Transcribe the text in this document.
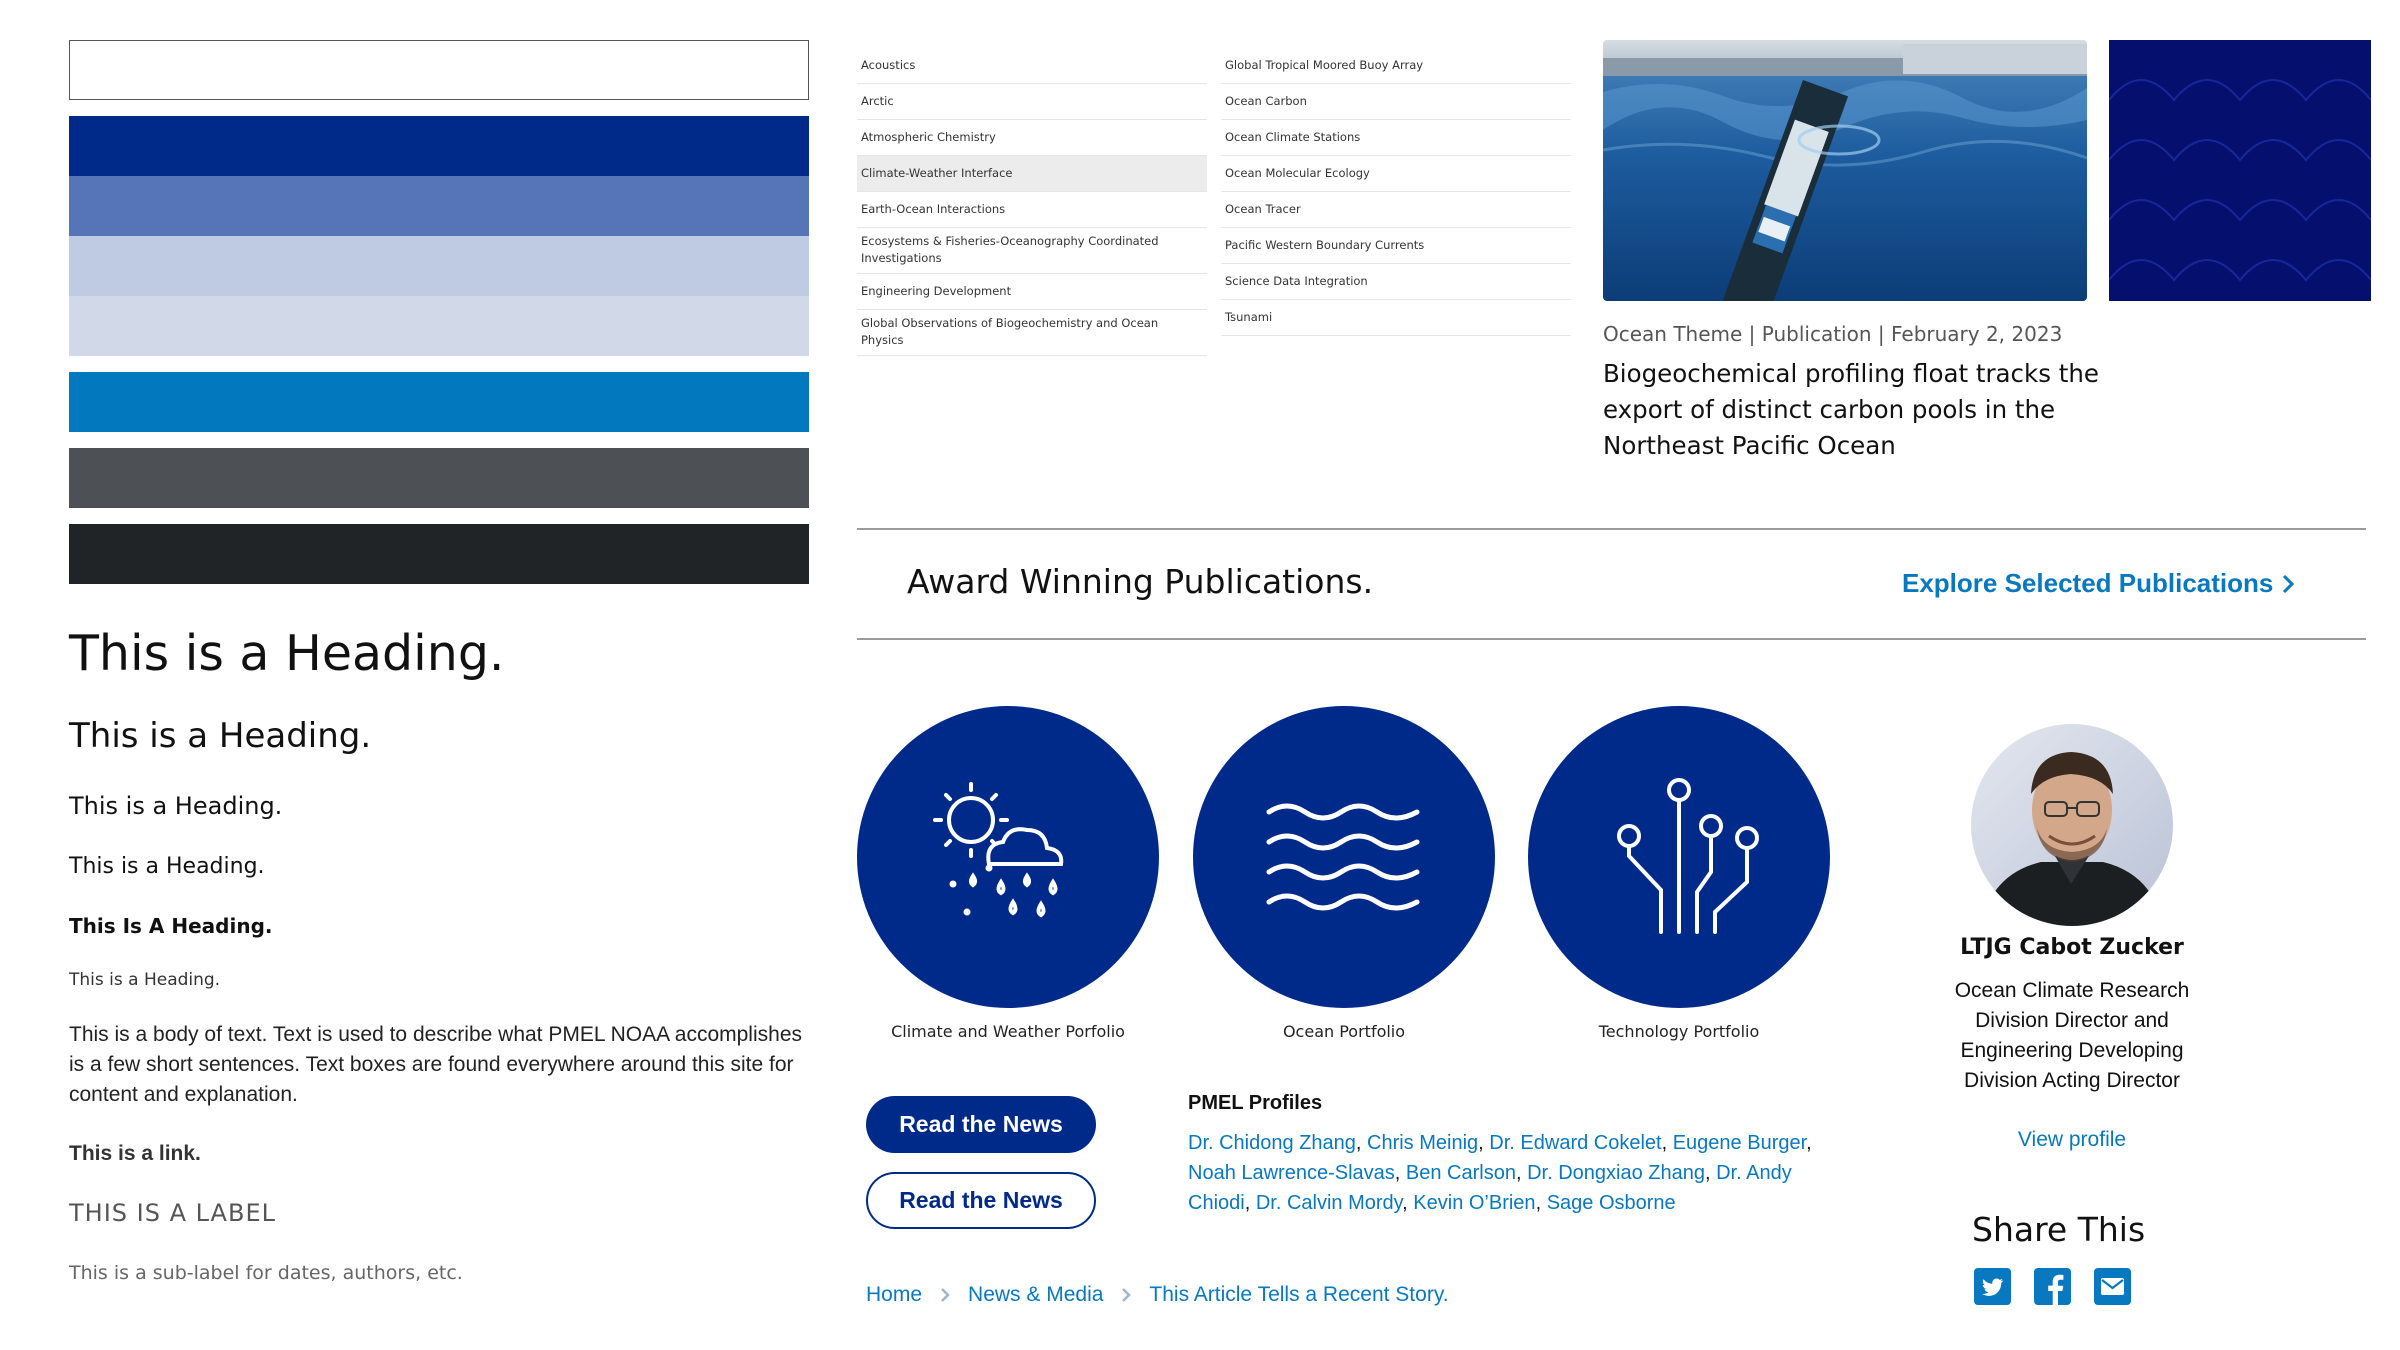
This is a Heading.
This is a Heading.
This is a Heading.
This is a Heading.
This Is A Heading.
This is a Heading.
This is a body of text. Text is used to describe what PMEL NOAA accomplishes is a few short sentences. Text boxes are found everywhere around this site for content and explanation.
This is a link.
THIS IS A LABEL
This is a sub-label for dates, authors, etc.
Acoustics
Arctic
Atmospheric Chemistry
Climate-Weather Interface
Earth-Ocean Interactions
Ecosystems & Fisheries-Oceanography Coordinated Investigations
Engineering Development
Global Observations of Biogeochemistry and Ocean Physics
Global Tropical Moored Buoy Array
Ocean Carbon
Ocean Climate Stations
Ocean Molecular Ecology
Ocean Tracer
Pacific Western Boundary Currents
Science Data Integration
Tsunami
Ocean Theme | Publication | February 2, 2023
Biogeochemical profiling float tracks the export of distinct carbon pools in the Northeast Pacific Ocean
Award Winning Publications.	Explore Selected Publications
Climate and Weather Porfolio	Ocean Portfolio	Technology Portfolio
Read the News
Read the News
PMEL Profiles
Dr. Chidong Zhang, Chris Meinig, Dr. Edward Cokelet, Eugene Burger, Noah Lawrence-Slavas, Ben Carlson, Dr. Dongxiao Zhang, Dr. Andy Chiodi, Dr. Calvin Mordy, Kevin O’Brien, Sage Osborne
Home News & Media This Article Tells a Recent Story.
LTJG Cabot Zucker
Ocean Climate Research Division Director and Engineering Developing Division Acting Director
View profile
Share This
